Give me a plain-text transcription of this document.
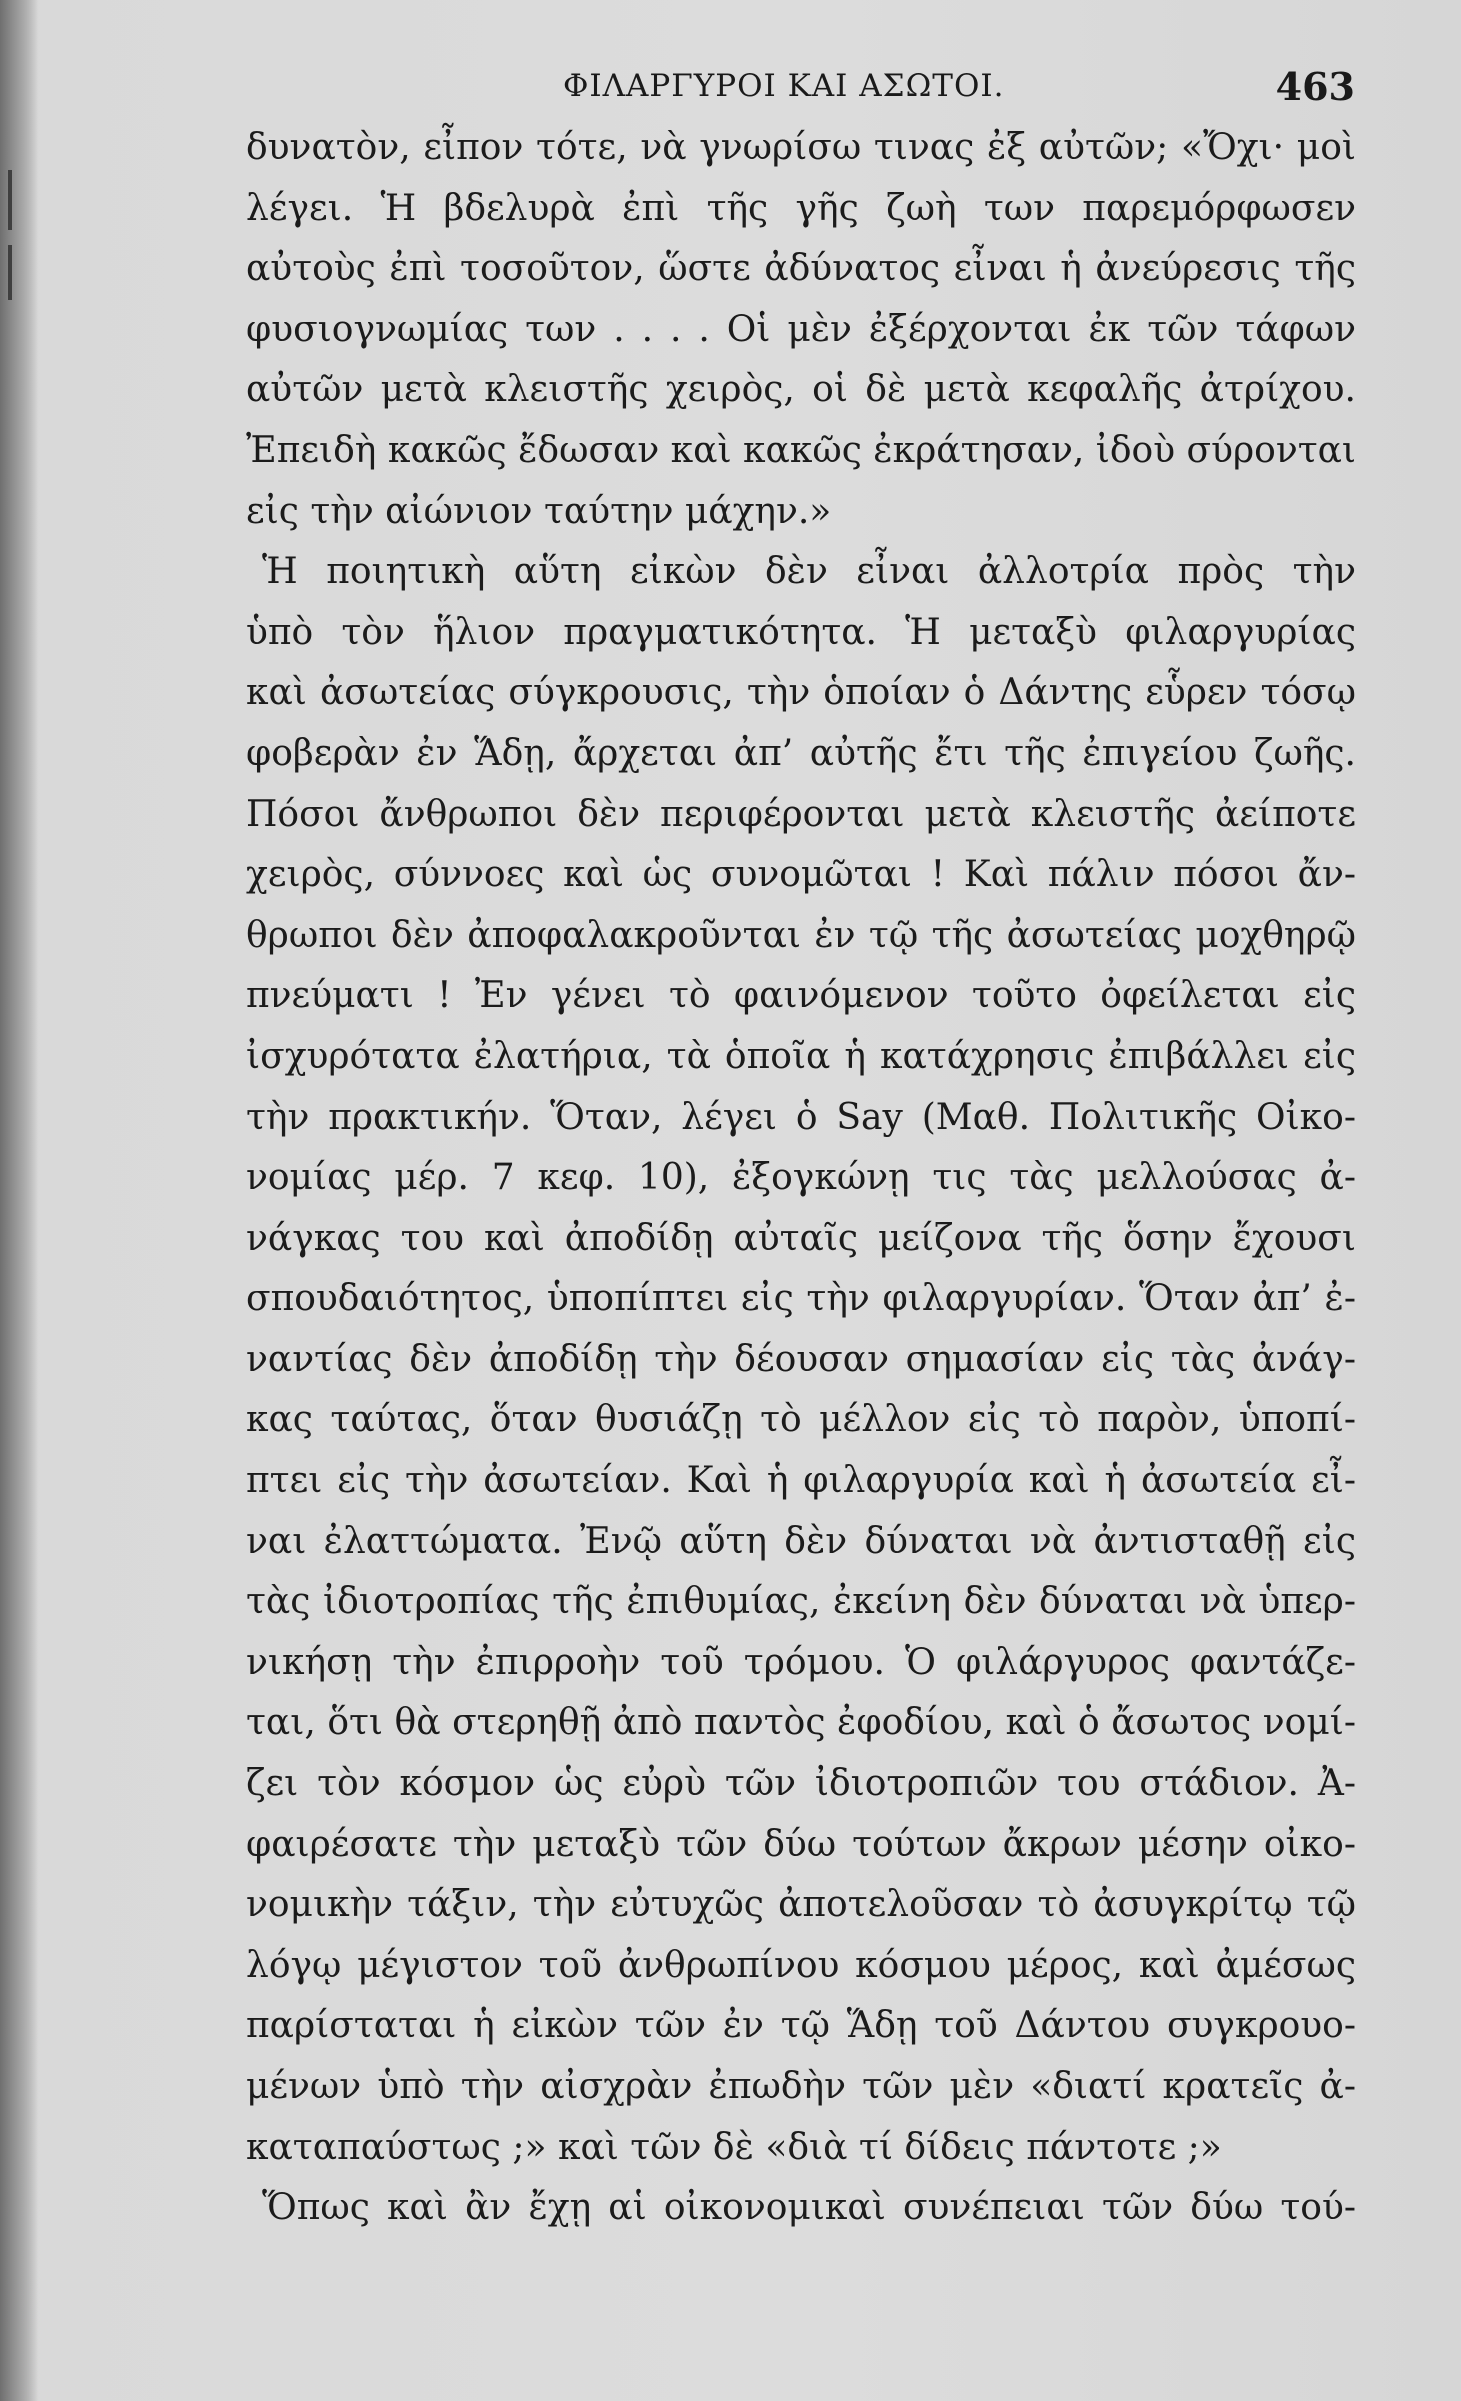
ΦΙΛΑΡΓΥΡΟΙ ΚΑΙ ΑΣΩΤΟΙ.	463
δυνατὸν, εἶπον τότε, νὰ γνωρίσω τινας ἐξ αὐτῶν; «Ὄχι· μοὶ
λέγει. Ἡ βδελυρὰ ἐπὶ τῆς γῆς ζωὴ των παρεμόρφωσεν
αὐτοὺς ἐπὶ τοσοῦτον, ὥστε ἀδύνατος εἶναι ἡ ἀνεύρεσις τῆς
φυσιογνωμίας των . . . . Οἱ μὲν ἐξέρχονται ἐκ τῶν τάφων
αὐτῶν μετὰ κλειστῆς χειρὸς, οἱ δὲ μετὰ κεφαλῆς ἀτρίχου.
Ἐπειδὴ κακῶς ἔδωσαν καὶ κακῶς ἐκράτησαν, ἰδοὺ σύρονται
εἰς τὴν αἰώνιον ταύτην μάχην.»
Ἡ ποιητικὴ αὕτη εἰκὼν δὲν εἶναι ἀλλοτρία πρὸς τὴν
ὑπὸ τὸν ἥλιον πραγματικότητα. Ἡ μεταξὺ φιλαργυρίας
καὶ ἀσωτείας σύγκρουσις, τὴν ὁποίαν ὁ Δάντης εὗρεν τόσῳ
φοβερὰν ἐν Ἅδῃ, ἄρχεται ἀπ’ αὐτῆς ἔτι τῆς ἐπιγείου ζωῆς.
Πόσοι ἄνθρωποι δὲν περιφέρονται μετὰ κλειστῆς ἀείποτε
χειρὸς, σύννοες καὶ ὡς συνομῶται ! Καὶ πάλιν πόσοι ἄν-
θρωποι δὲν ἀποφαλακροῦνται ἐν τῷ τῆς ἀσωτείας μοχθηρῷ
πνεύματι ! Ἐν γένει τὸ φαινόμενον τοῦτο ὀφείλεται εἰς
ἰσχυρότατα ἐλατήρια, τὰ ὁποῖα ἡ κατάχρησις ἐπιβάλλει εἰς
τὴν πρακτικήν. Ὅταν, λέγει ὁ Say (Μαθ. Πολιτικῆς Οἰκο-
νομίας μέρ. 7 κεφ. 10), ἐξογκώνῃ τις τὰς μελλούσας ἀ-
νάγκας του καὶ ἀποδίδῃ αὐταῖς μείζονα τῆς ὅσην ἔχουσι
σπουδαιότητος, ὑποπίπτει εἰς τὴν φιλαργυρίαν. Ὅταν ἀπ’ ἐ-
ναντίας δὲν ἀποδίδῃ τὴν δέουσαν σημασίαν εἰς τὰς ἀνάγ-
κας ταύτας, ὅταν θυσιάζῃ τὸ μέλλον εἰς τὸ παρὸν, ὑποπί-
πτει εἰς τὴν ἀσωτείαν. Καὶ ἡ φιλαργυρία καὶ ἡ ἀσωτεία εἶ-
ναι ἐλαττώματα. Ἐνῷ αὕτη δὲν δύναται νὰ ἀντισταθῇ εἰς
τὰς ἰδιοτροπίας τῆς ἐπιθυμίας, ἐκείνη δὲν δύναται νὰ ὑπερ-
νικήσῃ τὴν ἐπιρροὴν τοῦ τρόμου. Ὁ φιλάργυρος φαντάζε-
ται, ὅτι θὰ στερηθῇ ἀπὸ παντὸς ἐφοδίου, καὶ ὁ ἄσωτος νομί-
ζει τὸν κόσμον ὡς εὐρὺ τῶν ἰδιοτροπιῶν του στάδιον. Ἀ-
φαιρέσατε τὴν μεταξὺ τῶν δύω τούτων ἄκρων μέσην οἰκο-
νομικὴν τάξιν, τὴν εὐτυχῶς ἀποτελοῦσαν τὸ ἀσυγκρίτῳ τῷ
λόγῳ μέγιστον τοῦ ἀνθρωπίνου κόσμου μέρος, καὶ ἀμέσως
παρίσταται ἡ εἰκὼν τῶν ἐν τῷ Ἅδῃ τοῦ Δάντου συγκρουο-
μένων ὑπὸ τὴν αἰσχρὰν ἐπωδὴν τῶν μὲν «διατί κρατεῖς ἀ-
καταπαύστως ;» καὶ τῶν δὲ «διὰ τί δίδεις πάντοτε ;»
Ὅπως καὶ ἂν ἔχῃ αἱ οἰκονομικαὶ συνέπειαι τῶν δύω τού-
